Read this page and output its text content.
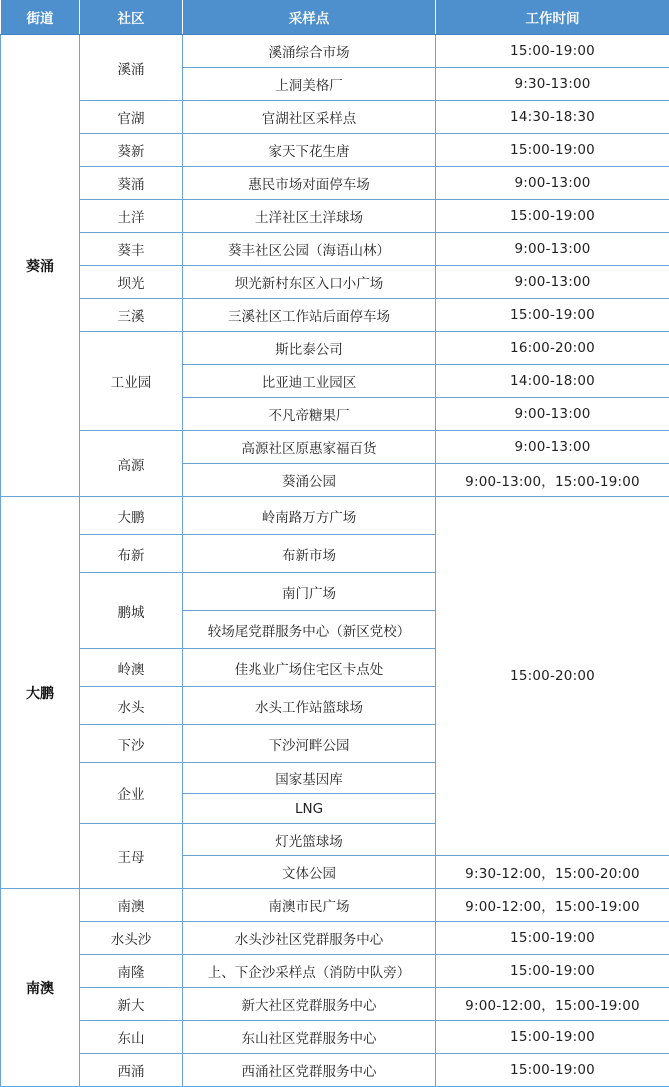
街道	社区	采样点	工作时间
葵涌	溪涌	溪涌综合市场	15:00-19:00
		上洞美格厂	9:30-13:00
	官湖	官湖社区采样点	14:30-18:30
	葵新	家天下花生唐	15:00-19:00
	葵涌	惠民市场对面停车场	9:00-13:00
	土洋	土洋社区土洋球场	15:00-19:00
	葵丰	葵丰社区公园（海语山林）	9:00-13:00
	坝光	坝光新村东区入口小广场	9:00-13:00
	三溪	三溪社区工作站后面停车场	15:00-19:00
	工业园	斯比泰公司	16:00-20:00
		比亚迪工业园区	14:00-18:00
		不凡帝糖果厂	9:00-13:00
	高源	高源社区原惠家福百货	9:00-13:00
		葵涌公园	9:00-13:00，15:00-19:00
大鹏	大鹏	岭南路万方广场	15:00-20:00
	布新	布新市场	
	鹏城	南门广场	
		较场尾党群服务中心（新区党校）	
	岭澳	佳兆业广场住宅区卡点处	
	水头	水头工作站篮球场	
	下沙	下沙河畔公园	
	企业	国家基因库	
		LNG	
	王母	灯光篮球场	
		文体公园	9:30-12:00，15:00-20:00
南澳	南澳	南澳市民广场	9:00-12:00，15:00-19:00
	水头沙	水头沙社区党群服务中心	15:00-19:00
	南隆	上、下企沙采样点（消防中队旁）	15:00-19:00
	新大	新大社区党群服务中心	9:00-12:00，15:00-19:00
	东山	东山社区党群服务中心	15:00-19:00
	西涌	西涌社区党群服务中心	15:00-19:00
